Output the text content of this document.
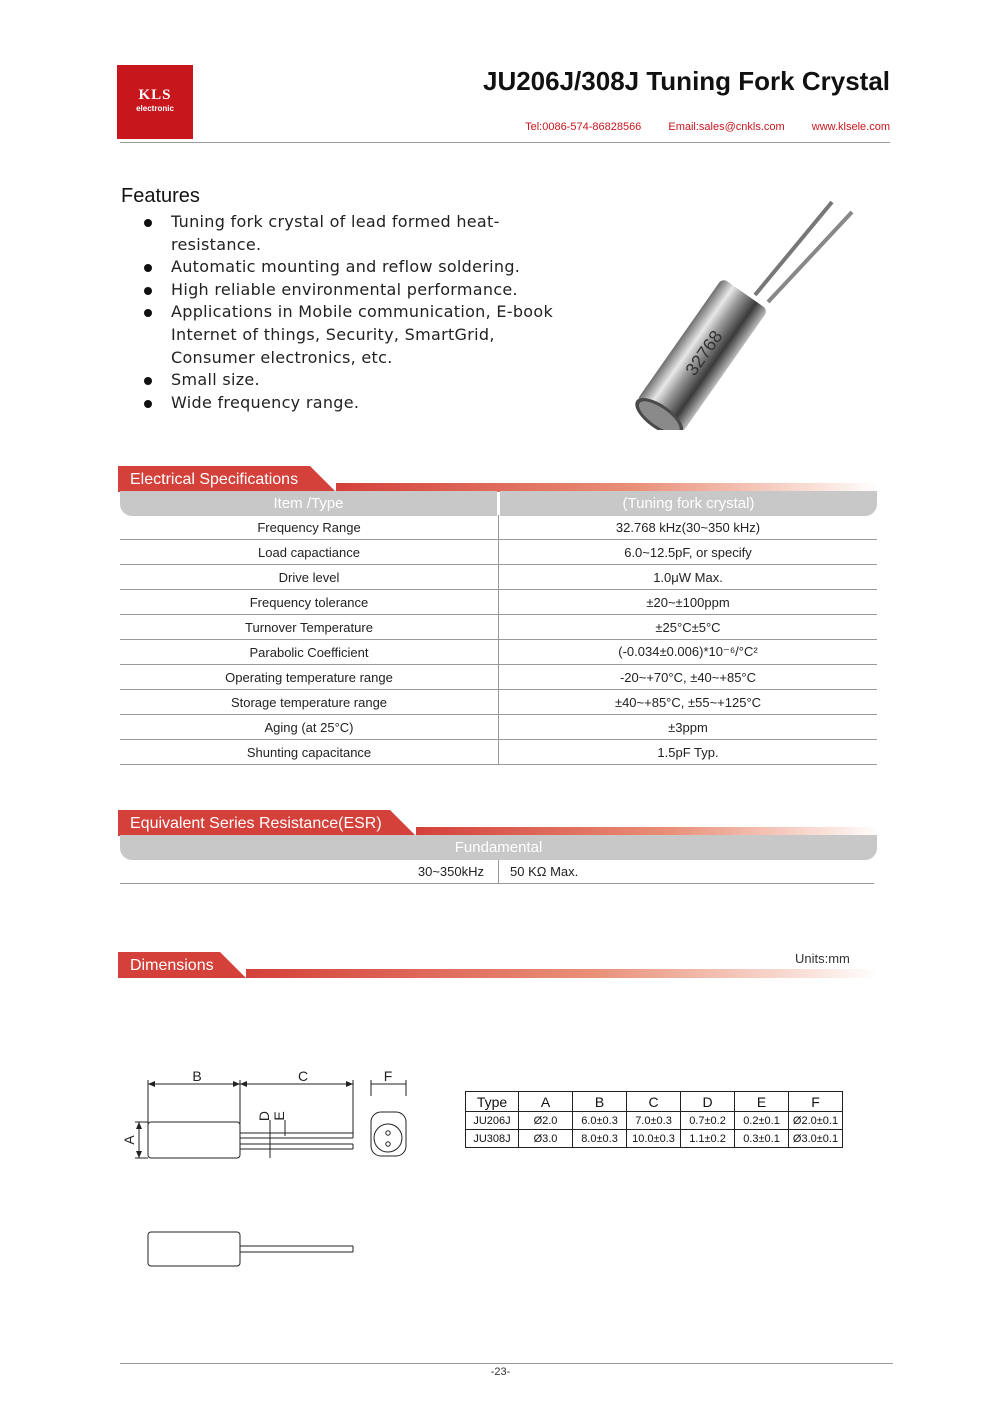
KLS
electronic
JU206J/308J Tuning Fork Crystal
Tel:0086-574-86828566 Email:sales@cnkls.com www.klsele.com
Features
Tuning fork crystal of lead formed heat-resistance.
Automatic mounting and reflow soldering.
High reliable environmental performance.
Applications in Mobile communication, E-book Internet of things, Security, SmartGrid, Consumer electronics, etc.
Small size.
Wide frequency range.
32768
Electrical Specifications
Item /Type	(Tuning fork crystal)
Frequency Range	32.768 kHz(30~350 kHz)
Load capactiance	6.0~12.5pF, or specify
Drive level	1.0μW Max.
Frequency tolerance	±20~±100ppm
Turnover Temperature	±25°C±5°C
Parabolic Coefficient	(-0.034±0.006)*10⁻⁶/°C²
Operating temperature range	-20~+70°C, ±40~+85°C
Storage temperature range	±40~+85°C, ±55~+125°C
Aging (at 25°C)	±3ppm
Shunting capacitance	1.5pF Typ.
Equivalent Series Resistance(ESR)
Fundamental
30~350kHz 50 KΩ Max.
Dimensions	Units:mm
B	C	F
A
D E
Type	A	B	C	D	E	F
JU206J	Ø2.0	6.0±0.3	7.0±0.3	0.7±0.2	0.2±0.1	Ø2.0±0.1
JU308J	Ø3.0	8.0±0.3	10.0±0.3	1.1±0.2	0.3±0.1	Ø3.0±0.1
-23-
